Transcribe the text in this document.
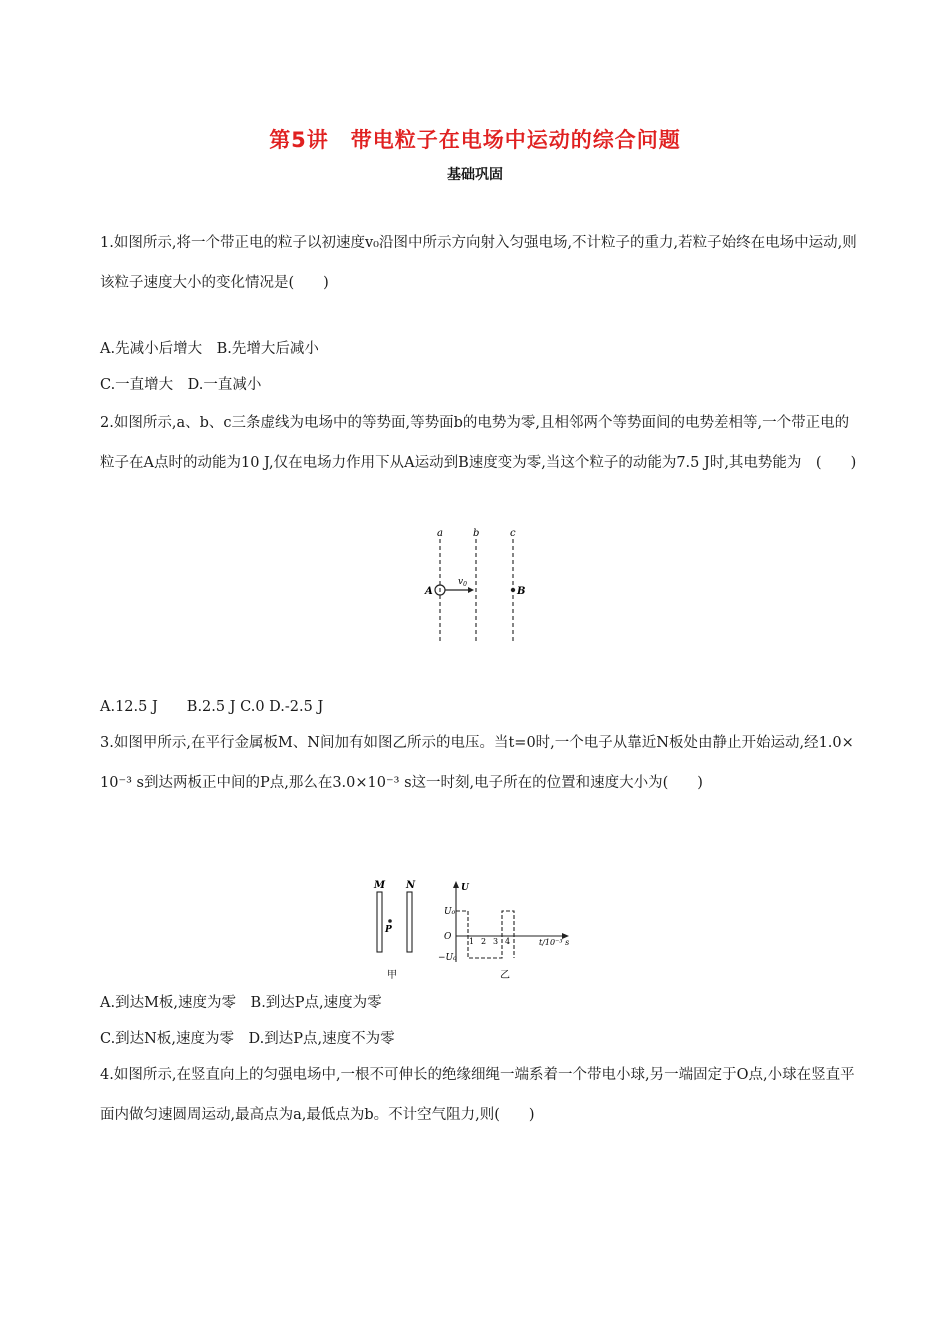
第5讲　带电粒子在电场中运动的综合问题
基础巩固
1.如图所示,将一个带正电的粒子以初速度v₀沿图中所示方向射入匀强电场,不计粒子的重力,若粒子始终在电场中运动,则该粒子速度大小的变化情况是(　　)
A.先减小后增大　B.先增大后减小
C.一直增大　D.一直减小
2.如图所示,a、b、c三条虚线为电场中的等势面,等势面b的电势为零,且相邻两个等势面间的电势差相等,一个带正电的粒子在A点时的动能为10 J,仅在电场力作用下从A运动到B速度变为零,当这个粒子的动能为7.5 J时,其电势能为　(　　)
a	b	c
A
$v_0$
B
A.12.5 J　　B.2.5 J C.0 D.-2.5 J
3.如图甲所示,在平行金属板M、N间加有如图乙所示的电压。当t=0时,一个电子从靠近N板处由静止开始运动,经1.0×10⁻³ s到达两板正中间的P点,那么在3.0×10⁻³ s这一时刻,电子所在的位置和速度大小为(　　)
M N
P
甲
U
t/10⁻³ s
U₀
O
−U₀
1 2 3 4
乙
A.到达M板,速度为零　B.到达P点,速度为零
C.到达N板,速度为零　D.到达P点,速度不为零
4.如图所示,在竖直向上的匀强电场中,一根不可伸长的绝缘细绳一端系着一个带电小球,另一端固定于O点,小球在竖直平面内做匀速圆周运动,最高点为a,最低点为b。不计空气阻力,则(　　)
